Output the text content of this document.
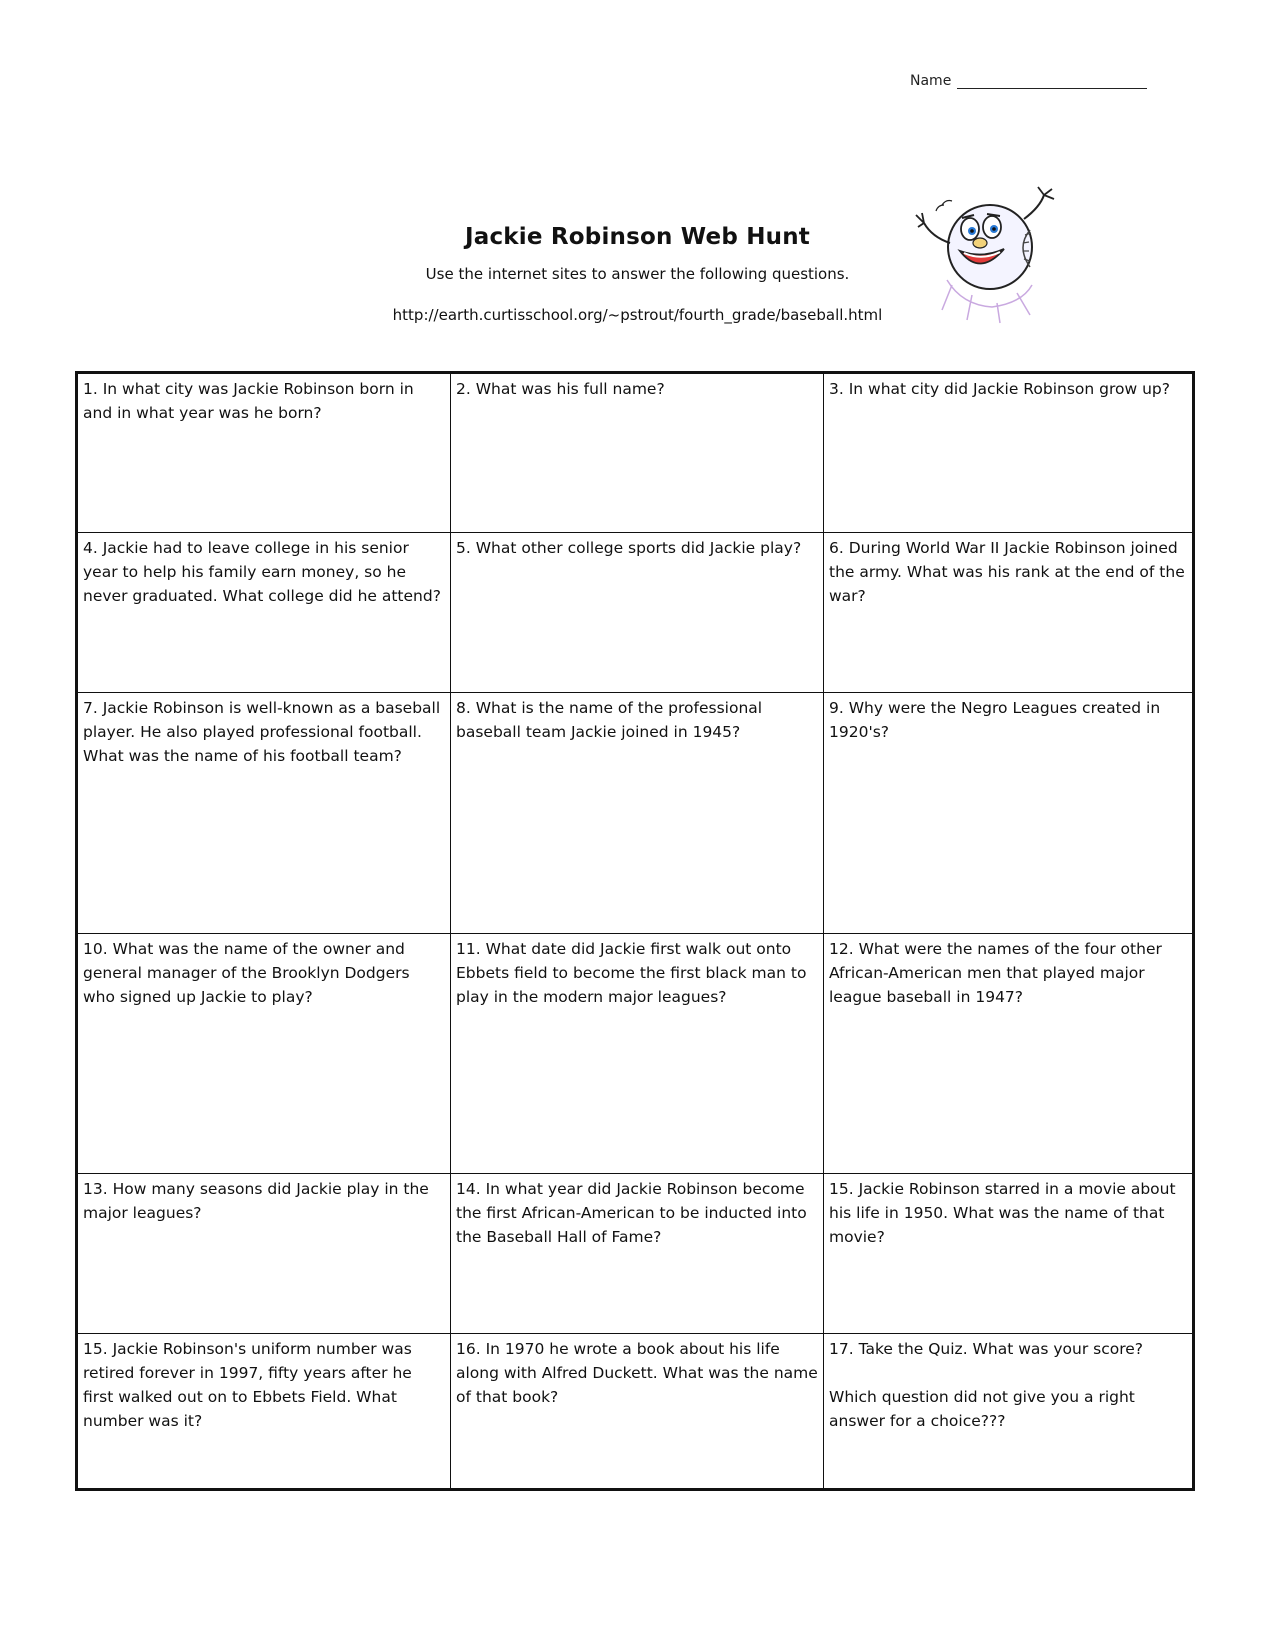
Name
Jackie Robinson Web Hunt
Use the internet sites to answer the following questions.
http://earth.curtisschool.org/~pstrout/fourth_grade/baseball.html

1. In what city was Jackie Robinson born in and in what year was he born?

2. What was his full name?	3. In what city did Jackie Robinson grow up?

4. Jackie had to leave college in his senior year to help his family earn money, so he never graduated. What college did he attend?

5. What other college sports did Jackie play?	6. During World War II Jackie Robinson joined the army. What was his rank at the end of the war?

7. Jackie Robinson is well-known as a baseball player. He also played professional football. What was the name of his football team?

8. What is the name of the professional baseball team Jackie joined in 1945?

9. Why were the Negro Leagues created in 1920's?

10. What was the name of the owner and general manager of the Brooklyn Dodgers who signed up Jackie to play?

11. What date did Jackie first walk out onto Ebbets field to become the first black man to play in the modern major leagues?

12. What were the names of the four other African-American men that played major league baseball in 1947?

13. How many seasons did Jackie play in the major leagues?

14. In what year did Jackie Robinson become the first African-American to be inducted into the Baseball Hall of Fame?

15. Jackie Robinson starred in a movie about his life in 1950. What was the name of that movie?

15. Jackie Robinson's uniform number was retired forever in 1997, fifty years after he first walked out on to Ebbets Field. What number was it?

16. In 1970 he wrote a book about his life along with Alfred Duckett. What was the name of that book?

17. Take the Quiz. What was your score?

Which question did not give you a right answer for a choice???
